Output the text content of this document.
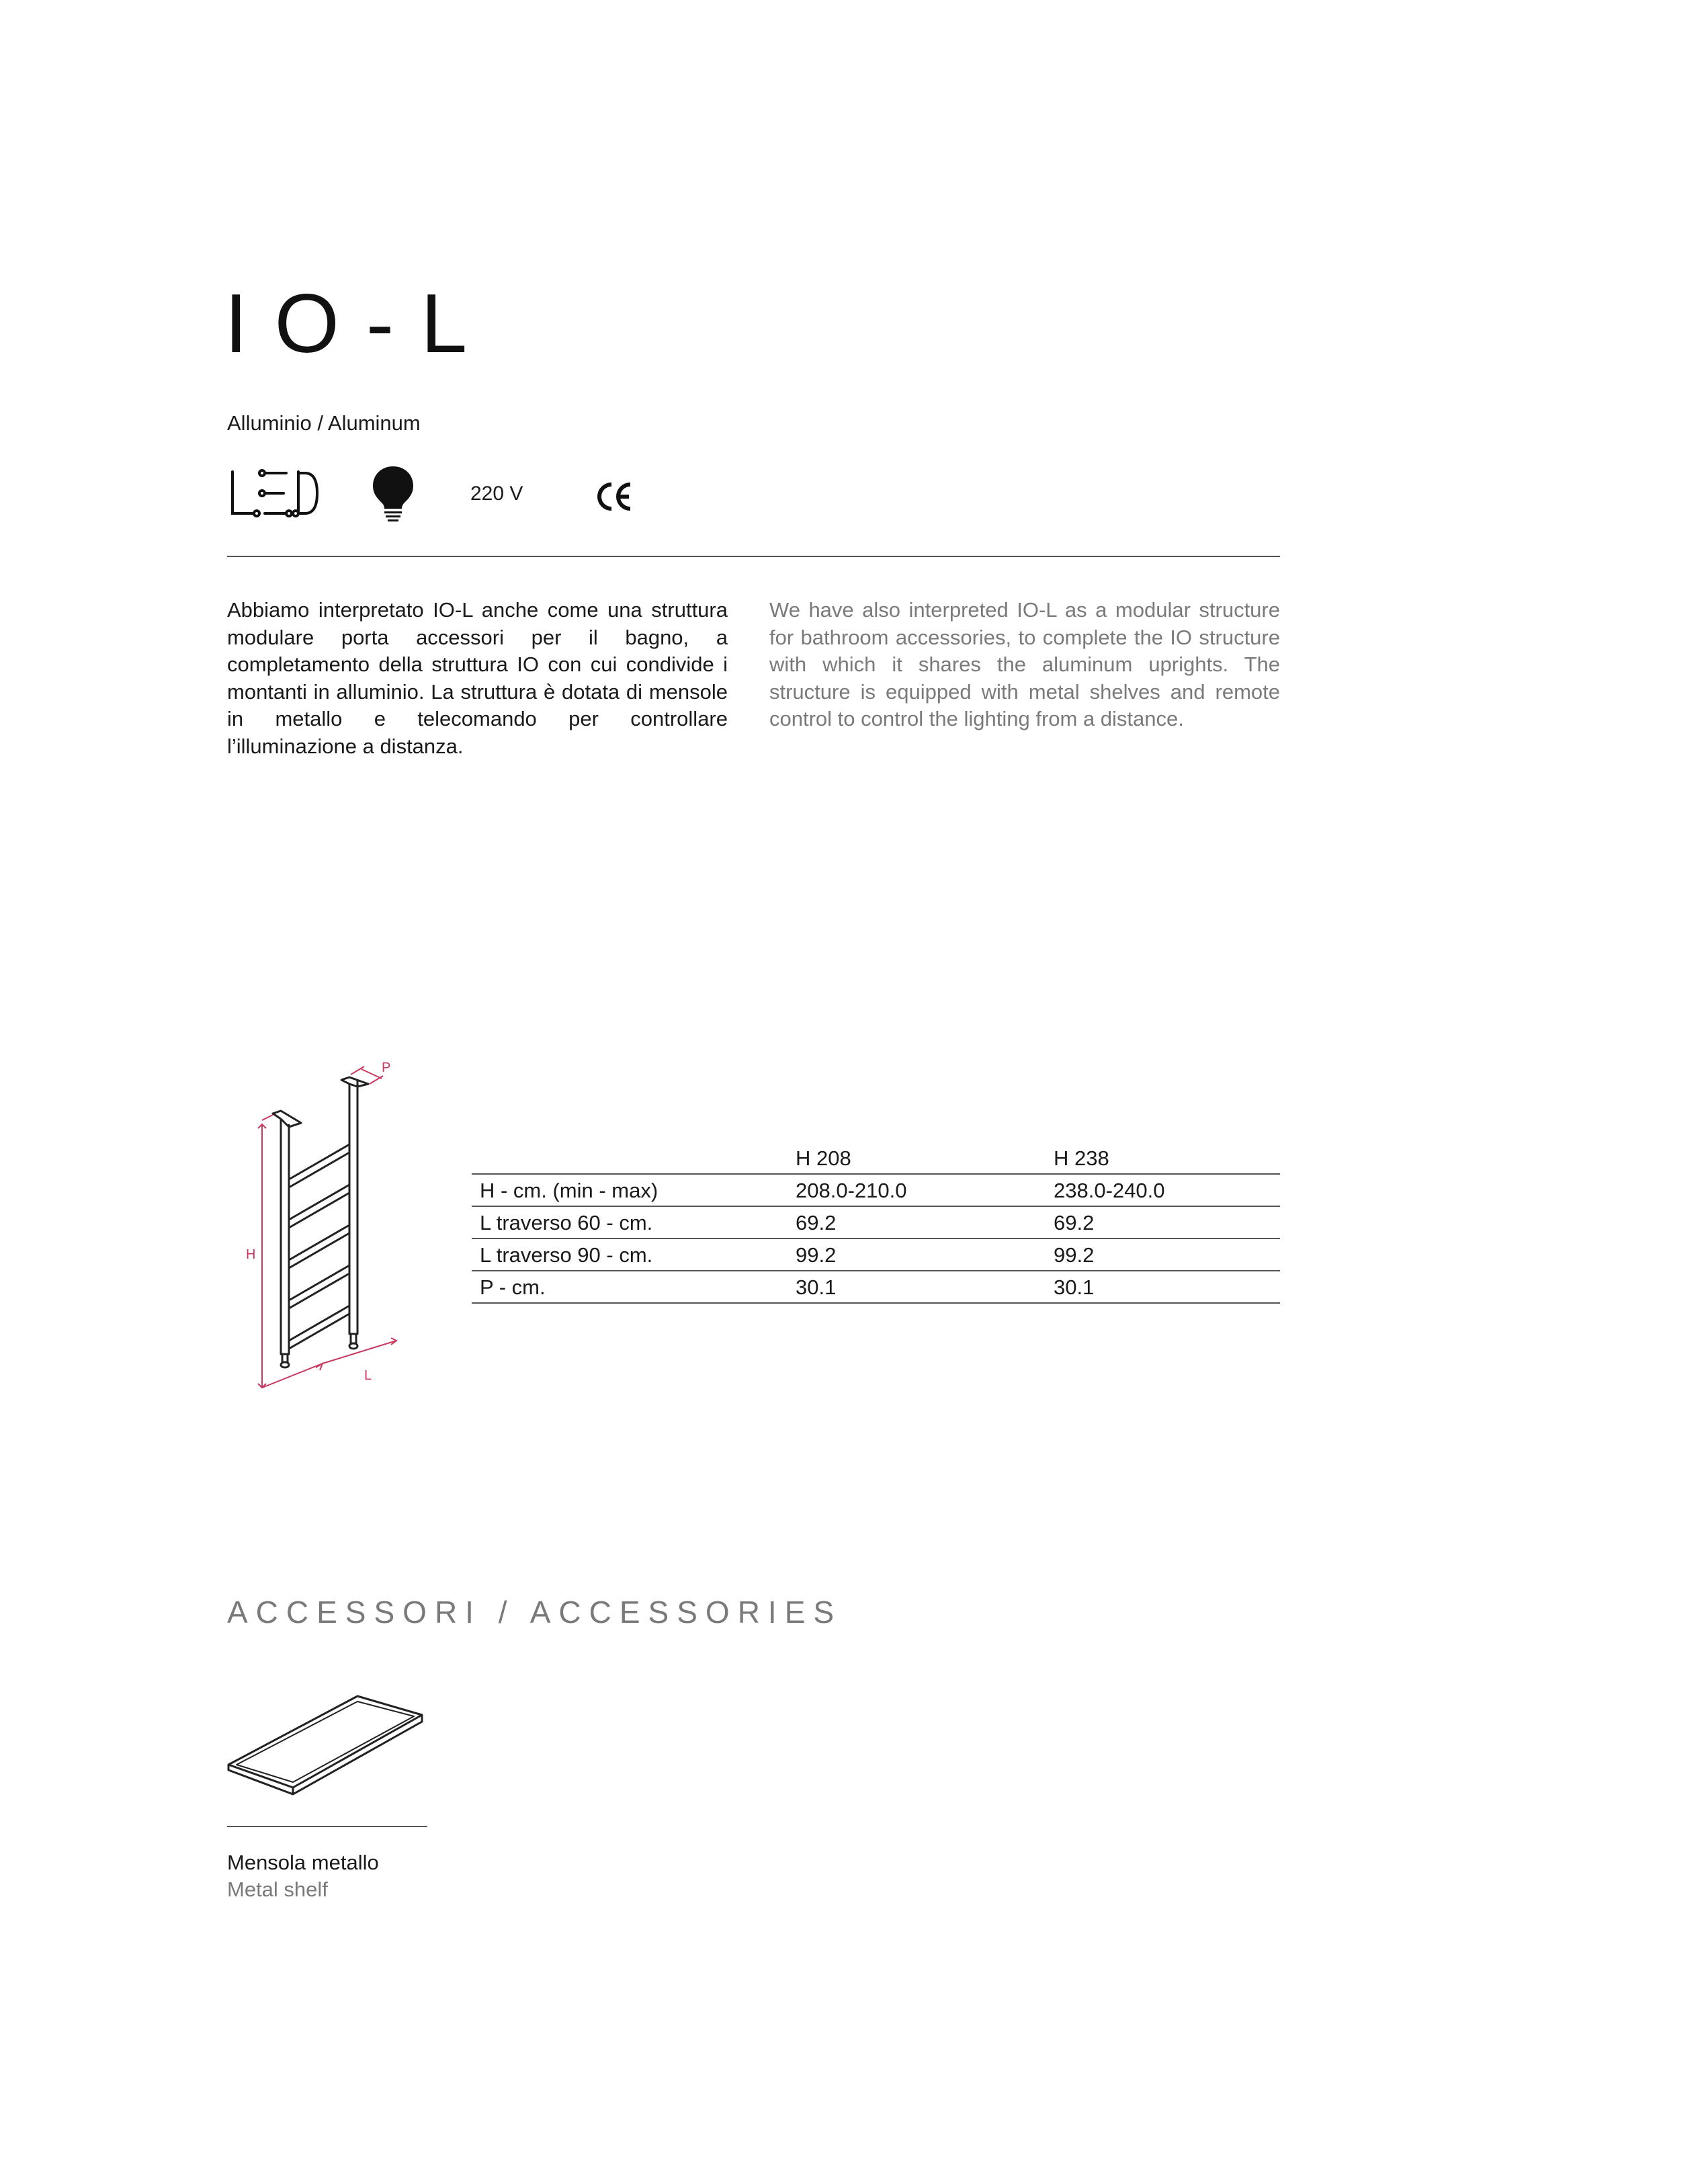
IO-L
Alluminio / Aluminum
220 V
Abbiamo interpretato IO-L anche come una struttura modulare porta accessori per il bagno, a completamento della struttura IO con cui condivide i montanti in alluminio. La struttura è dotata di mensole in metallo e telecomando per controllare l’illuminazione a distanza.
We have also interpreted IO-L as a modular structure for bathroom accessories, to complete the IO structure with which it shares the aluminum uprights. The structure is equipped with metal shelves and remote control to control the lighting from a distance.
P
H
L
	H 208	H 238
H - cm. (min - max)	208.0-210.0	238.0-240.0
L traverso 60 - cm.	69.2	69.2
L traverso 90 - cm.	99.2	99.2
P - cm.	30.1	30.1
ACCESSORI / ACCESSORIES
Mensola metallo
Metal shelf
